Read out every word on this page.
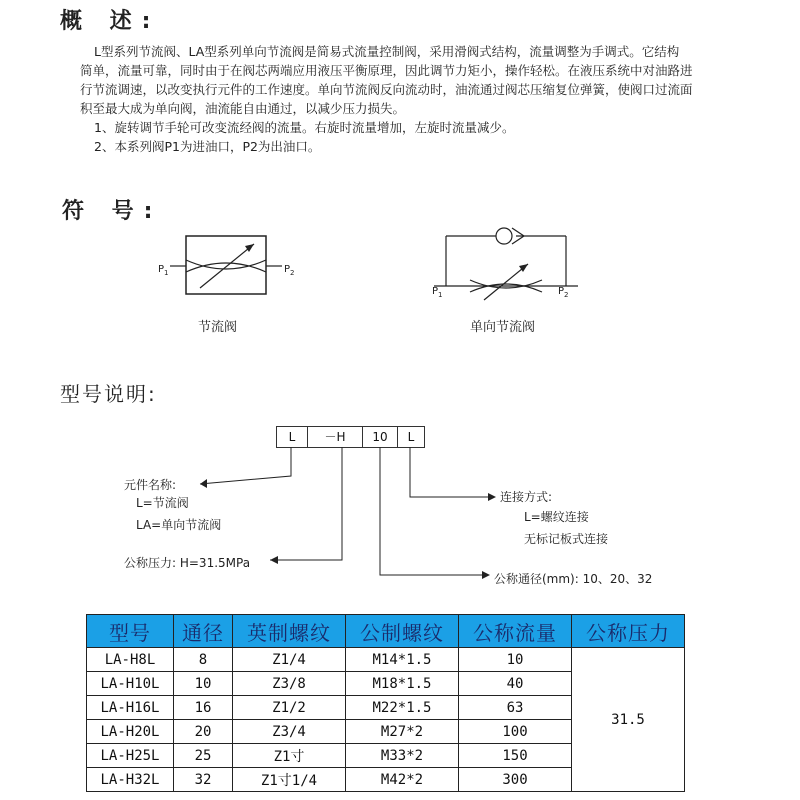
概 述:

L型系列节流阀、LA型系列单向节流阀是简易式流量控制阀，采用滑阀式结构，流量调整为手调式。它结构

简单，流量可靠，同时由于在阀芯两端应用液压平衡原理，因此调节力矩小，操作轻松。在液压系统中对油路进

行节流调速，以改变执行元件的工作速度。单向节流阀反向流动时，油流通过阀芯压缩复位弹簧，使阀口过流面

积至最大成为单向阀，油流能自由通过，以减少压力损失。

1、旋转调节手轮可改变流经阀的流量。右旋时流量增加，左旋时流量减少。

2、本系列阀P1为进油口，P2为出油口。

符 号:
$P_1$	$P_2$
节流阀
$P_1$	$P_2$
单向节流阀
型号说明:
L	－H	10	L
元件名称:
L=节流阀
LA=单向节流阀
公称压力: H=31.5MPa
连接方式:
L=螺纹连接
无标记板式连接
公称通径(mm): 10、20、32
型号	通径	英制螺纹	公制螺纹	公称流量	公称压力
LA-H8L	8	Z1/4	M14*1.5	10	31.5
LA-H10L	10	Z3/8	M18*1.5	40	
LA-H16L	16	Z1/2	M22*1.5	63	
LA-H20L	20	Z3/4	M27*2	100	
LA-H25L	25	Z1寸	M33*2	150	
LA-H32L	32	Z1寸1/4	M42*2	300	
